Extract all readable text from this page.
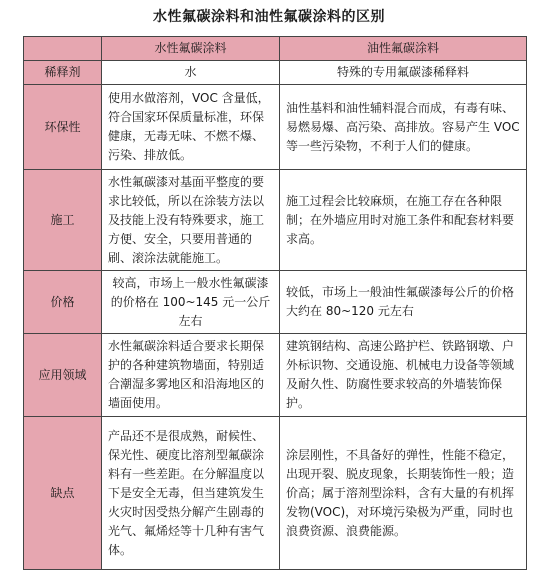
水性氟碳涂料和油性氟碳涂料的区别
	水性氟碳涂料	油性氟碳涂料
稀释剂	水	特殊的专用氟碳漆稀释料
环保性	使用水做溶剂，VOC 含量低，符合国家环保质量标准，环保健康，无毒无味、不燃不爆、污染、排放低。	油性基料和油性辅料混合而成，有毒有味、易燃易爆、高污染、高排放。容易产生 VOC 等一些污染物，不利于人们的健康。
施工	水性氟碳漆对基面平整度的要求比较低，所以在涂装方法以及技能上没有特殊要求，施工方便、安全，只要用普通的刷、滚涂法就能施工。	施工过程会比较麻烦，在施工存在各种限制；在外墙应用时对施工条件和配套材料要求高。
价格	较高，市场上一般水性氟碳漆的价格在 100~145 元一公斤左右	较低，市场上一般油性氟碳漆每公斤的价格大约在 80~120 元左右
应用领域	水性氟碳涂料适合要求长期保护的各种建筑物墙面，特别适合潮湿多雾地区和沿海地区的墙面使用。	建筑钢结构、高速公路护栏、铁路钢墩、户外标识物、交通设施、机械电力设备等领域及耐久性、防腐性要求较高的外墙装饰保护。
缺点	产品还不是很成熟，耐候性、保光性、硬度比溶剂型氟碳涂料有一些差距。在分解温度以下是安全无毒，但当建筑发生火灾时因受热分解产生剧毒的光气、氟烯烃等十几种有害气体。	涂层刚性，不具备好的弹性，性能不稳定，出现开裂、脱皮现象，长期装饰性一般；造价高；属于溶剂型涂料，含有大量的有机挥发物(VOC)，对环境污染极为严重，同时也浪费资源、浪费能源。
